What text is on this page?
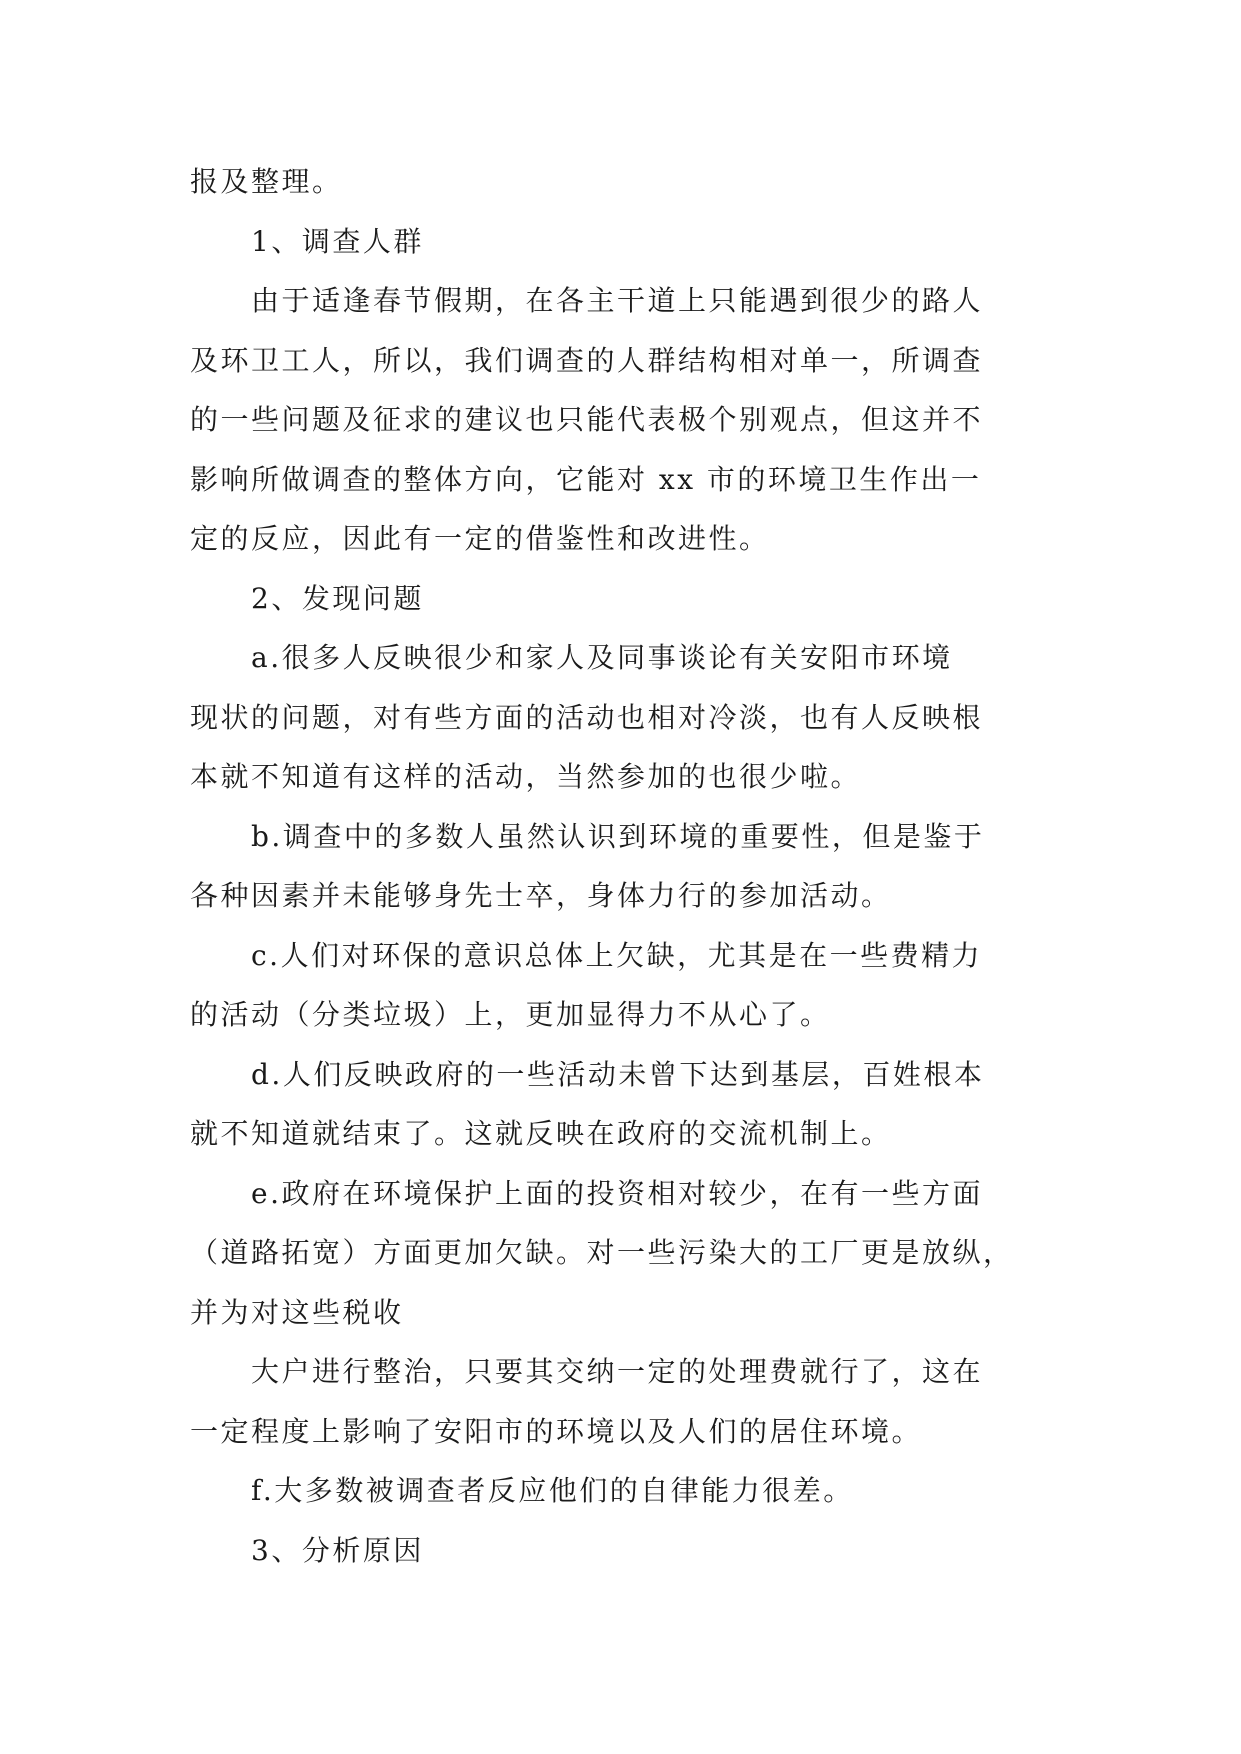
报及整理。
1、调查人群
由于适逢春节假期，在各主干道上只能遇到很少的路人
及环卫工人，所以，我们调查的人群结构相对单一，所调查
的一些问题及征求的建议也只能代表极个别观点，但这并不
影响所做调查的整体方向，它能对 xx 市的环境卫生作出一
定的反应，因此有一定的借鉴性和改进性。
2、发现问题
a.很多人反映很少和家人及同事谈论有关安阳市环境
现状的问题，对有些方面的活动也相对冷淡，也有人反映根
本就不知道有这样的活动，当然参加的也很少啦。
b.调查中的多数人虽然认识到环境的重要性，但是鉴于
各种因素并未能够身先士卒，身体力行的参加活动。
c.人们对环保的意识总体上欠缺，尤其是在一些费精力
的活动（分类垃圾）上，更加显得力不从心了。
d.人们反映政府的一些活动未曾下达到基层，百姓根本
就不知道就结束了。这就反映在政府的交流机制上。
e.政府在环境保护上面的投资相对较少，在有一些方面
（道路拓宽）方面更加欠缺。对一些污染大的工厂更是放纵，
并为对这些税收
大户进行整治，只要其交纳一定的处理费就行了，这在
一定程度上影响了安阳市的环境以及人们的居住环境。
f.大多数被调查者反应他们的自律能力很差。
3、分析原因
